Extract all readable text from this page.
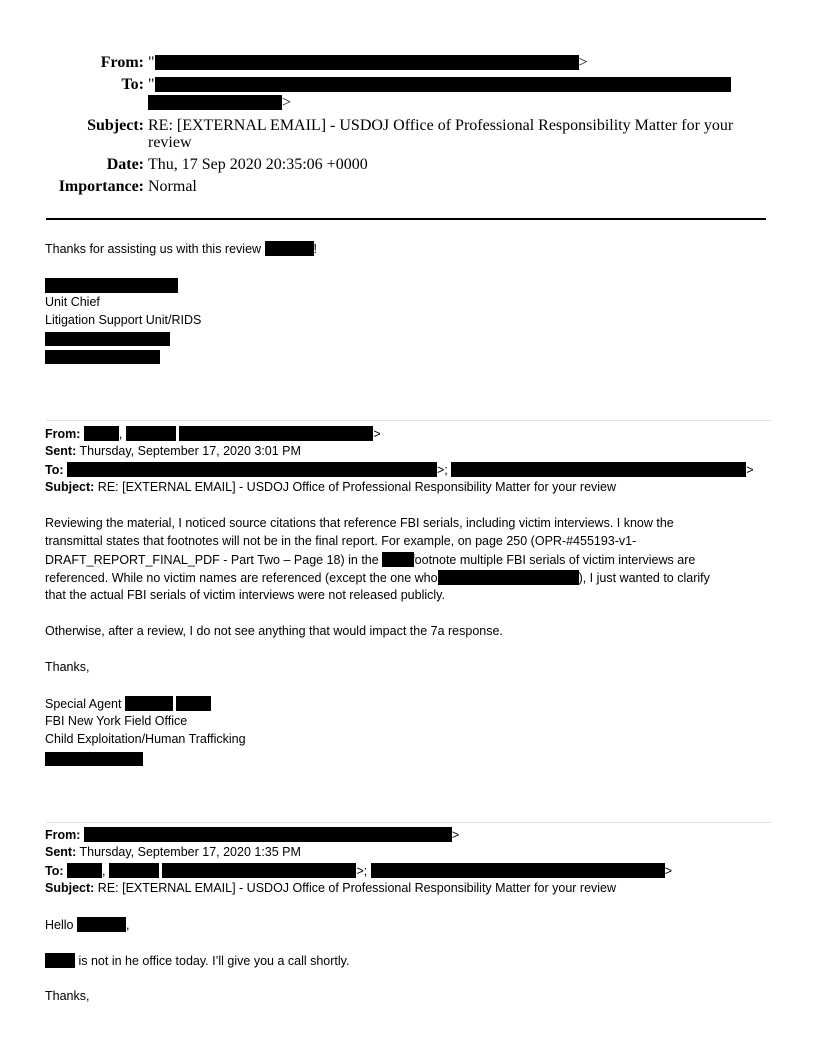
From: "	>
To: "
>
Subject: RE: [EXTERNAL EMAIL] - USDOJ Office of Professional Responsibility Matter for your
review
Date: Thu, 17 Sep 2020 20:35:06 +0000
Importance: Normal
Thanks for assisting us with this review	!
Unit Chief
Litigation Support Unit/RIDS
From:	,	>
Sent: Thursday, September 17, 2020 3:01 PM
To:	>;	>
Subject: RE: [EXTERNAL EMAIL] - USDOJ Office of Professional Responsibility Matter for your review
Reviewing the material, I noticed source citations that reference FBI serials, including victim interviews. I know the
transmittal states that footnotes will not be in the final report. For example, on page 250 (OPR-#455193-v1-
DRAFT_REPORT_FINAL_PDF - Part Two – Page 18) in the	footnote multiple FBI serials of victim interviews are
referenced. While no victim names are referenced (except the one who	), I just wanted to clarify
that the actual FBI serials of victim interviews were not released publicly.
Otherwise, after a review, I do not see anything that would impact the 7a response.
Thanks,
Special Agent
FBI New York Field Office
Child Exploitation/Human Trafficking
From:	>
Sent: Thursday, September 17, 2020 1:35 PM
To:	,	>;	>
Subject: RE: [EXTERNAL EMAIL] - USDOJ Office of Professional Responsibility Matter for your review
Hello	,
is not in he office today. I’ll give you a call shortly.
Thanks,
